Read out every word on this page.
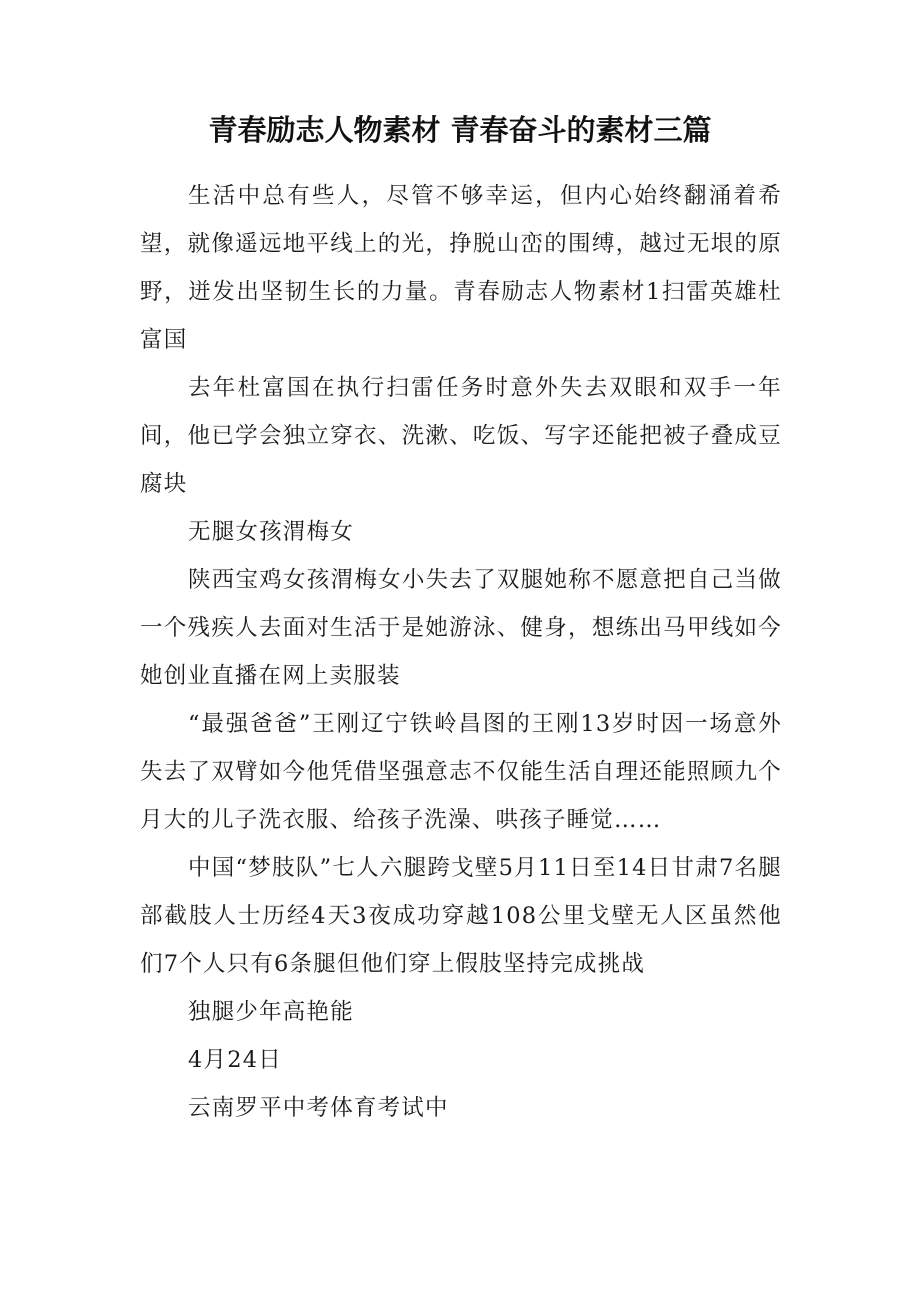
青春励志人物素材 青春奋斗的素材三篇

生活中总有些人，尽管不够幸运，但内心始终翻涌着希望，就像遥远地平线上的光，挣脱山峦的围缚，越过无垠的原野，迸发出坚韧生长的力量。青春励志人物素材1扫雷英雄杜富国

去年杜富国在执行扫雷任务时意外失去双眼和双手一年间，他已学会独立穿衣、洗漱、吃饭、写字还能把被子叠成豆腐块

无腿女孩渭梅女

陕西宝鸡女孩渭梅女小失去了双腿她称不愿意把自己当做一个残疾人去面对生活于是她游泳、健身，想练出马甲线如今她创业直播在网上卖服装

“最强爸爸”王刚辽宁铁岭昌图的王刚13岁时因一场意外失去了双臂如今他凭借坚强意志不仅能生活自理还能照顾九个月大的儿子洗衣服、给孩子洗澡、哄孩子睡觉……

中国“梦肢队”七人六腿跨戈壁5月11日至14日甘肃7名腿部截肢人士历经4天3夜成功穿越108公里戈壁无人区虽然他们7个人只有6条腿但他们穿上假肢坚持完成挑战

独腿少年高艳能

4月24日

云南罗平中考体育考试中
